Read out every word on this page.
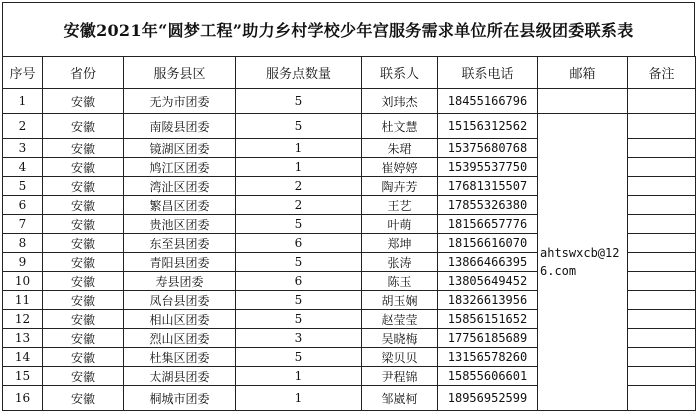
安徽2021年“圆梦工程”助力乡村学校少年宫服务需求单位所在县级团委联系表
序号	省份	服务县区	服务点数量	联系人	联系电话	邮箱	备注
1	安徽	无为市团委	5	刘玮杰	18455166796		
2	安徽	南陵县团委	5	杜文慧	15156312562	ahtswxcb@126.com	
3	安徽	镜湖区团委	1	朱珺	15375680768		
4	安徽	鸠江区团委	1	崔婷婷	15395537750		
5	安徽	湾沚区团委	2	陶卉芳	17681315507		
6	安徽	繁昌区团委	2	王艺	17855326380		
7	安徽	贵池区团委	5	叶萌	18156657776		
8	安徽	东至县团委	6	郑坤	18156616070		
9	安徽	青阳县团委	5	张涛	13866466395		
10	安徽	寿县团委	6	陈玉	13805649452		
11	安徽	凤台县团委	5	胡玉娴	18326613956		
12	安徽	相山区团委	5	赵莹莹	15856151652		
13	安徽	烈山区团委	3	吴晓梅	17756185689		
14	安徽	杜集区团委	5	梁贝贝	13156578260		
15	安徽	太湖县团委	1	尹程锦	15855606601		
16	安徽	桐城市团委	1	邹崴柯	18956952599		
